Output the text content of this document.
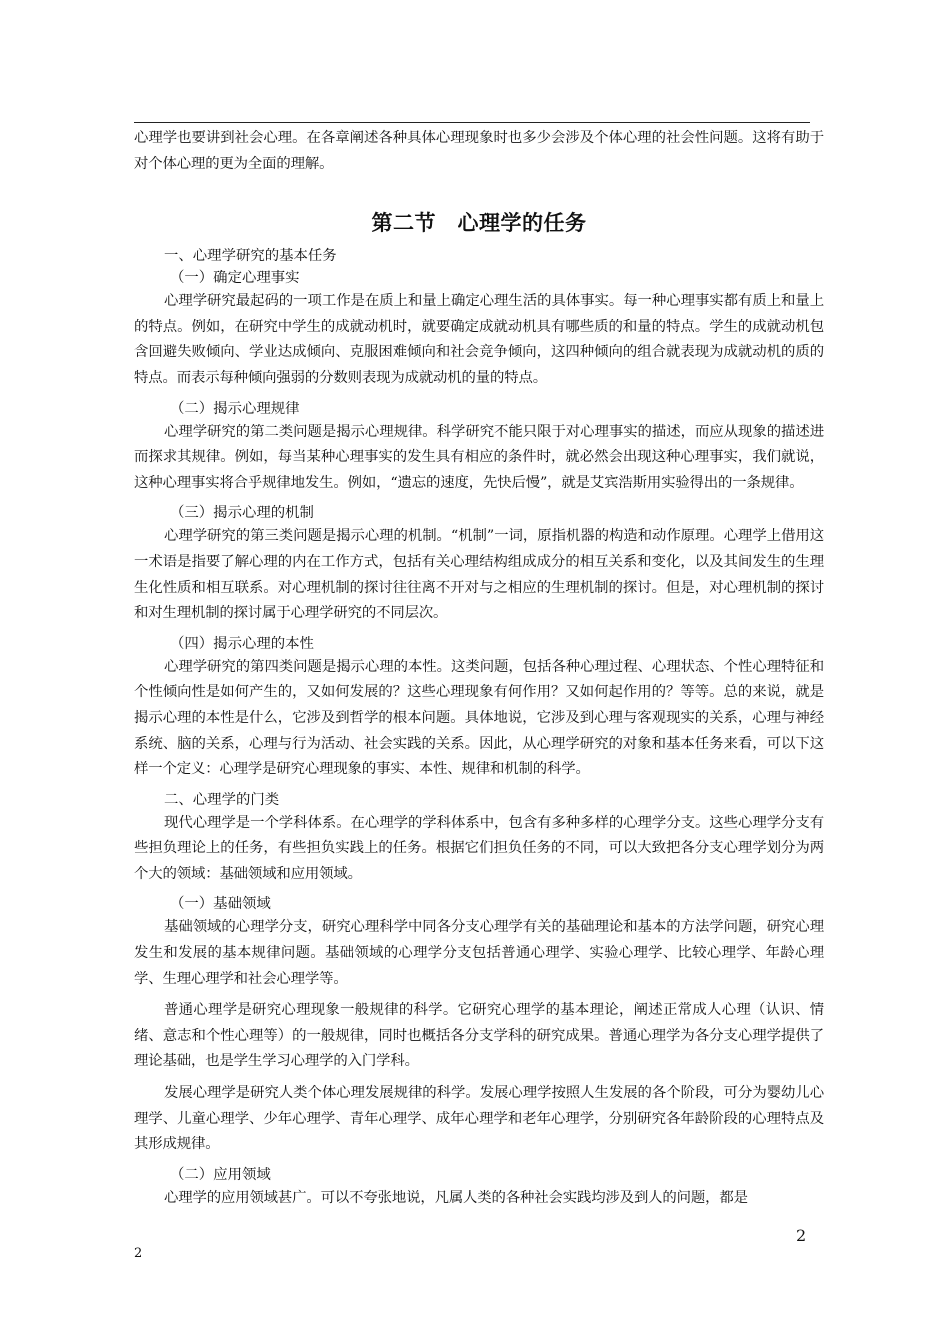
心理学也要讲到社会心理。在各章阐述各种具体心理现象时也多少会涉及个体心理的社会性问题。这将有助于对个体心理的更为全面的理解。

第二节　心理学的任务

一、心理学研究的基本任务

（一）确定心理事实

心理学研究最起码的一项工作是在质上和量上确定心理生活的具体事实。每一种心理事实都有质上和量上的特点。例如，在研究中学生的成就动机时，就要确定成就动机具有哪些质的和量的特点。学生的成就动机包含回避失败倾向、学业达成倾向、克服困难倾向和社会竞争倾向，这四种倾向的组合就表现为成就动机的质的特点。而表示每种倾向强弱的分数则表现为成就动机的量的特点。

（二）揭示心理规律

心理学研究的第二类问题是揭示心理规律。科学研究不能只限于对心理事实的描述，而应从现象的描述进而探求其规律。例如，每当某种心理事实的发生具有相应的条件时，就必然会出现这种心理事实，我们就说，这种心理事实将合乎规律地发生。例如，“遗忘的速度，先快后慢”，就是艾宾浩斯用实验得出的一条规律。

（三）揭示心理的机制

心理学研究的第三类问题是揭示心理的机制。“机制”一词，原指机器的构造和动作原理。心理学上借用这一术语是指要了解心理的内在工作方式，包括有关心理结构组成成分的相互关系和变化，以及其间发生的生理生化性质和相互联系。对心理机制的探讨往往离不开对与之相应的生理机制的探讨。但是，对心理机制的探讨和对生理机制的探讨属于心理学研究的不同层次。

（四）揭示心理的本性

心理学研究的第四类问题是揭示心理的本性。这类问题，包括各种心理过程、心理状态、个性心理特征和个性倾向性是如何产生的，又如何发展的？这些心理现象有何作用？又如何起作用的？等等。总的来说，就是揭示心理的本性是什么，它涉及到哲学的根本问题。具体地说，它涉及到心理与客观现实的关系，心理与神经系统、脑的关系，心理与行为活动、社会实践的关系。因此，从心理学研究的对象和基本任务来看，可以下这样一个定义：心理学是研究心理现象的事实、本性、规律和机制的科学。

二、心理学的门类

现代心理学是一个学科体系。在心理学的学科体系中，包含有多种多样的心理学分支。这些心理学分支有些担负理论上的任务，有些担负实践上的任务。根据它们担负任务的不同，可以大致把各分支心理学划分为两个大的领域：基础领域和应用领域。

（一）基础领域

基础领域的心理学分支，研究心理科学中同各分支心理学有关的基础理论和基本的方法学问题，研究心理发生和发展的基本规律问题。基础领域的心理学分支包括普通心理学、实验心理学、比较心理学、年龄心理学、生理心理学和社会心理学等。

普通心理学是研究心理现象一般规律的科学。它研究心理学的基本理论，阐述正常成人心理（认识、情绪、意志和个性心理等）的一般规律，同时也概括各分支学科的研究成果。普通心理学为各分支心理学提供了理论基础，也是学生学习心理学的入门学科。

发展心理学是研究人类个体心理发展规律的科学。发展心理学按照人生发展的各个阶段，可分为婴幼儿心理学、儿童心理学、少年心理学、青年心理学、成年心理学和老年心理学，分别研究各年龄阶段的心理特点及其形成规律。

（二）应用领域

心理学的应用领域甚广。可以不夸张地说，凡属人类的各种社会实践均涉及到人的问题，都是

2
2
